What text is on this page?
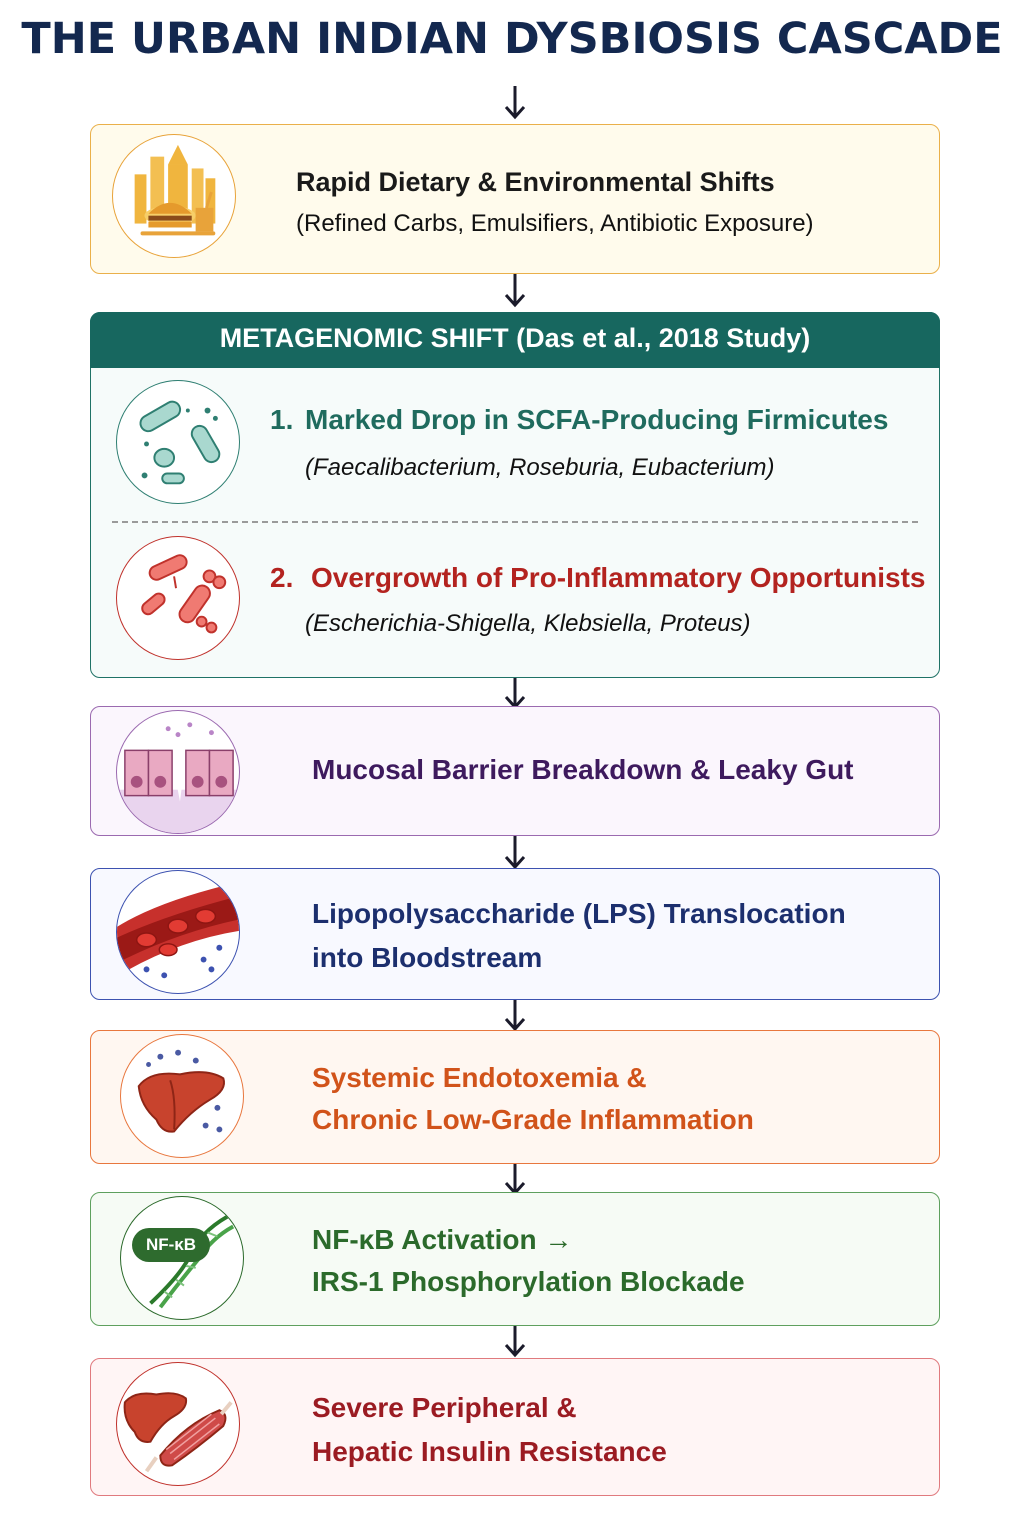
THE URBAN INDIAN DYSBIOSIS CASCADE
Rapid Dietary & Environmental Shifts
(Refined Carbs, Emulsifiers, Antibiotic Exposure)
METAGENOMIC SHIFT (Das et al., 2018 Study)
1. Marked Drop in SCFA-Producing Firmicutes
(Faecalibacterium, Roseburia, Eubacterium)
2. Overgrowth of Pro-Inflammatory Opportunists
(Escherichia-Shigella, Klebsiella, Proteus)
Mucosal Barrier Breakdown & Leaky Gut
Lipopolysaccharide (LPS) Translocation
into Bloodstream
Systemic Endotoxemia &
Chronic Low-Grade Inflammation
NF-κB	NF-κB Activation →
IRS-1 Phosphorylation Blockade
Severe Peripheral &
Hepatic Insulin Resistance
